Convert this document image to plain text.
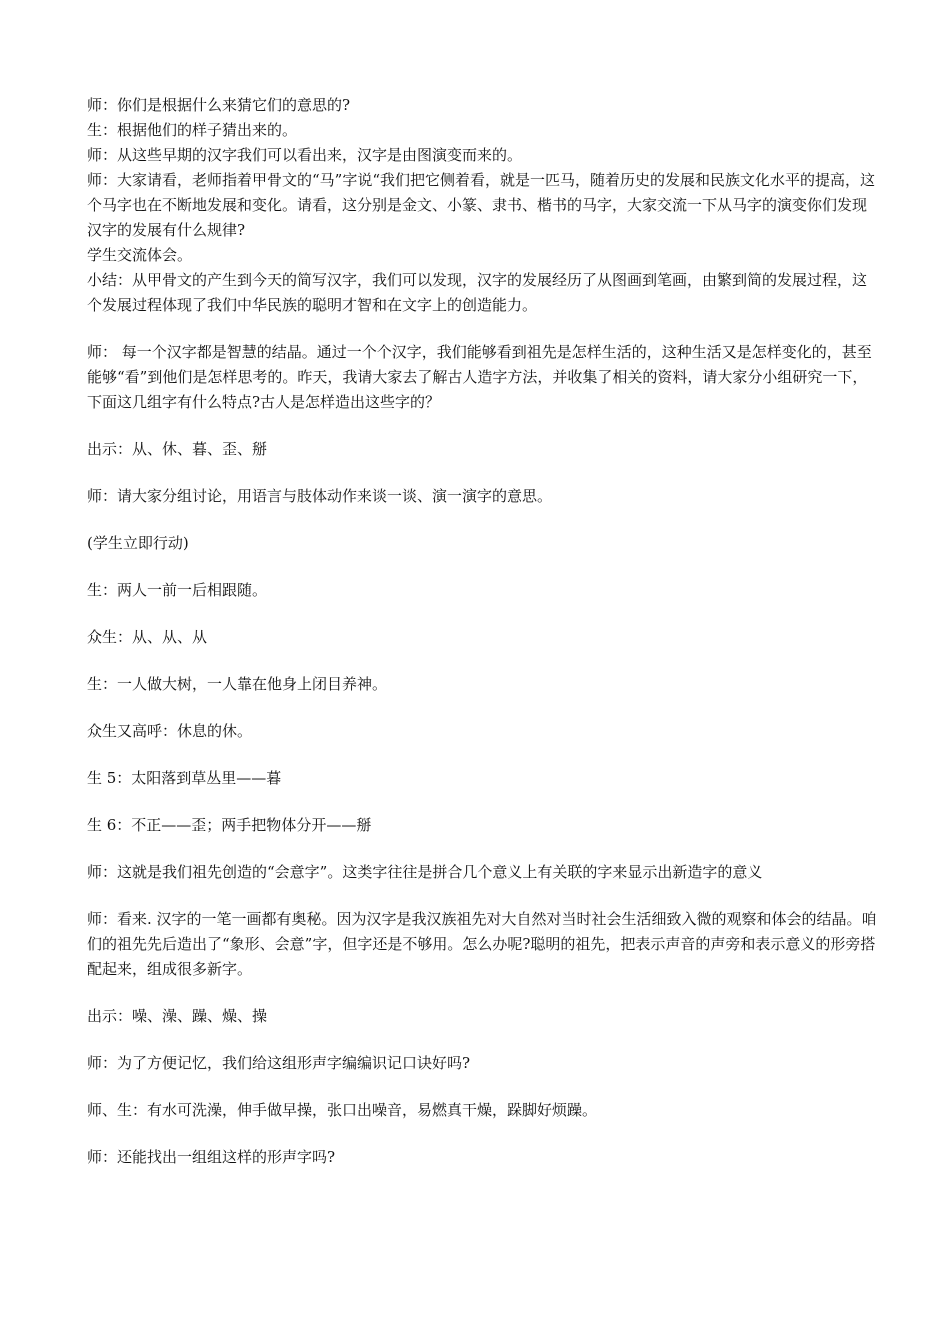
师：你们是根据什么来猜它们的意思的?

生：根据他们的样子猜出来的。

师：从这些早期的汉字我们可以看出来，汉字是由图演变而来的。

师：大家请看，老师指着甲骨文的“马”字说“我们把它侧着看，就是一匹马，随着历史的发展和民族文化水平的提高，这个马字也在不断地发展和变化。请看，这分别是金文、小篆、隶书、楷书的马字，大家交流一下从马字的演变你们发现汉字的发展有什么规律?

学生交流体会。

小结：从甲骨文的产生到今天的简写汉字，我们可以发现，汉字的发展经历了从图画到笔画，由繁到简的发展过程，这个发展过程体现了我们中华民族的聪明才智和在文字上的创造能力。

师： 每一个汉字都是智慧的结晶。通过一个个汉字，我们能够看到祖先是怎样生活的，这种生活又是怎样变化的，甚至能够“看”到他们是怎样思考的。昨天，我请大家去了解古人造字方法，并收集了相关的资料，请大家分小组研究一下，下面这几组字有什么特点?古人是怎样造出这些字的？

出示：从、休、暮、歪、掰

师：请大家分组讨论，用语言与肢体动作来谈一谈、演一演字的意思。

(学生立即行动)

生：两人一前一后相跟随。

众生：从、从、从

生：一人做大树，一人靠在他身上闭目养神。

众生又高呼：休息的休。

生 5：太阳落到草丛里——暮

生 6：不正——歪；两手把物体分开——掰

师：这就是我们祖先创造的“会意字”。这类字往往是拼合几个意义上有关联的字来显示出新造字的意义

师：看来. 汉字的一笔一画都有奥秘。因为汉字是我汉族祖先对大自然对当时社会生活细致入微的观察和体会的结晶。咱们的祖先先后造出了“象形、会意”字，但字还是不够用。怎么办呢?聪明的祖先，把表示声音的声旁和表示意义的形旁搭配起来，组成很多新字。

出示：噪、澡、躁、燥、操

师：为了方便记忆，我们给这组形声字编编识记口诀好吗?

师、生：有水可洗澡，伸手做早操，张口出噪音，易燃真干燥，跺脚好烦躁。

师：还能找出一组组这样的形声字吗?
